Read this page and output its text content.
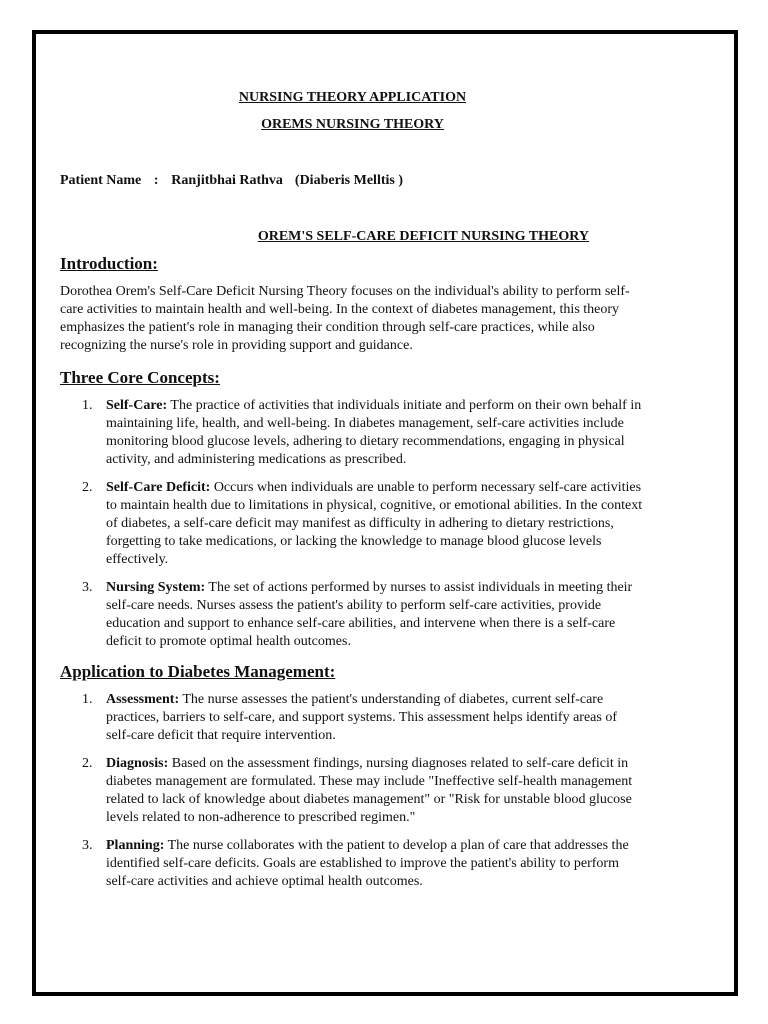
NURSING THEORY APPLICATION
OREMS NURSING THEORY
Patient Name : Ranjitbhai Rathva (Diaberis Melltis )
OREM'S SELF-CARE DEFICIT NURSING THEORY
Introduction:

Dorothea Orem's Self-Care Deficit Nursing Theory focuses on the individual's ability to perform self-care activities to maintain health and well-being. In the context of diabetes management, this theory emphasizes the patient's role in managing their condition through self-care practices, while also recognizing the nurse's role in providing support and guidance.

Three Core Concepts:
1. Self-Care: The practice of activities that individuals initiate and perform on their own behalf in maintaining life, health, and well-being. In diabetes management, self-care activities include monitoring blood glucose levels, adhering to dietary recommendations, engaging in physical activity, and administering medications as prescribed.
2. Self-Care Deficit: Occurs when individuals are unable to perform necessary self-care activities to maintain health due to limitations in physical, cognitive, or emotional abilities. In the context of diabetes, a self-care deficit may manifest as difficulty in adhering to dietary restrictions, forgetting to take medications, or lacking the knowledge to manage blood glucose levels effectively.
3. Nursing System: The set of actions performed by nurses to assist individuals in meeting their self-care needs. Nurses assess the patient's ability to perform self-care activities, provide education and support to enhance self-care abilities, and intervene when there is a self-care deficit to promote optimal health outcomes.
Application to Diabetes Management:
1. Assessment: The nurse assesses the patient's understanding of diabetes, current self-care practices, barriers to self-care, and support systems. This assessment helps identify areas of self-care deficit that require intervention.
2. Diagnosis: Based on the assessment findings, nursing diagnoses related to self-care deficit in diabetes management are formulated. These may include "Ineffective self-health management related to lack of knowledge about diabetes management" or "Risk for unstable blood glucose levels related to non-adherence to prescribed regimen."
3. Planning: The nurse collaborates with the patient to develop a plan of care that addresses the identified self-care deficits. Goals are established to improve the patient's ability to perform self-care activities and achieve optimal health outcomes.
